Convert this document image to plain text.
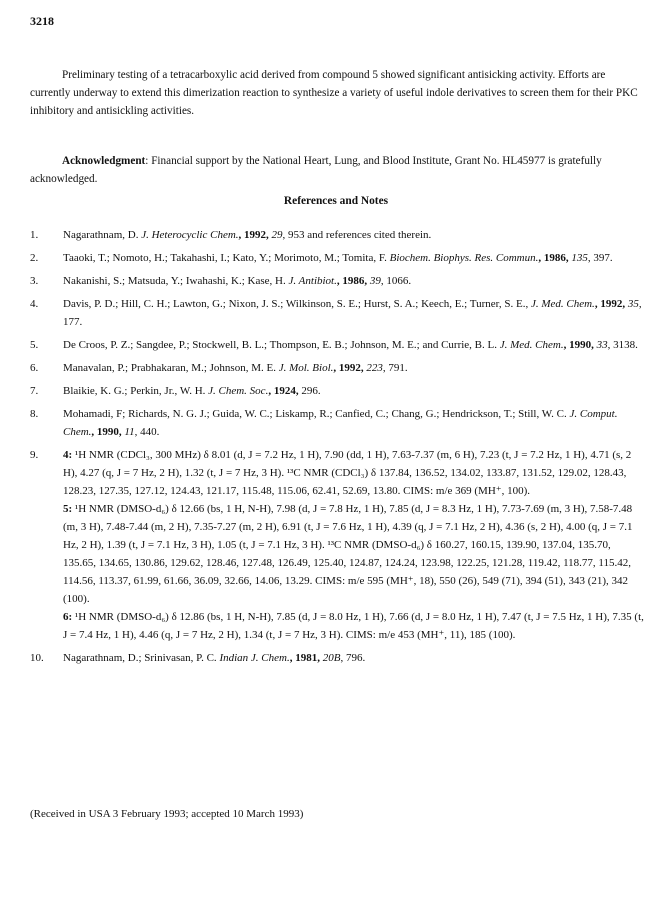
3218

Preliminary testing of a tetracarboxylic acid derived from compound 5 showed significant antisicking activity. Efforts are currently underway to extend this dimerization reaction to synthesize a variety of useful indole derivatives to screen them for their PKC inhibitory and antisickling activities.

Acknowledgment: Financial support by the National Heart, Lung, and Blood Institute, Grant No. HL45977 is gratefully acknowledged.

References and Notes
1. Nagarathnam, D. J. Heterocyclic Chem., 1992, 29, 953 and references cited therein.
2. Taaoki, T.; Nomoto, H.; Takahashi, I.; Kato, Y.; Morimoto, M.; Tomita, F. Biochem. Biophys. Res. Commun., 1986, 135, 397.
3. Nakanishi, S.; Matsuda, Y.; Iwahashi, K.; Kase, H. J. Antibiot., 1986, 39, 1066.
4. Davis, P. D.; Hill, C. H.; Lawton, G.; Nixon, J. S.; Wilkinson, S. E.; Hurst, S. A.; Keech, E.; Turner, S. E., J. Med. Chem., 1992, 35, 177.
5. De Croos, P. Z.; Sangdee, P.; Stockwell, B. L.; Thompson, E. B.; Johnson, M. E.; and Currie, B. L. J. Med. Chem., 1990, 33, 3138.
6. Manavalan, P.; Prabhakaran, M.; Johnson, M. E. J. Mol. Biol., 1992, 223, 791.
7. Blaikie, K. G.; Perkin, Jr., W. H. J. Chem. Soc., 1924, 296.
8. Mohamadi, F; Richards, N. G. J.; Guida, W. C.; Liskamp, R.; Canfied, C.; Chang, G.; Hendrickson, T.; Still, W. C. J. Comput. Chem., 1990, 11, 440.
9. 4: ¹H NMR (CDCl₃, 300 MHz) δ 8.01 (d, J = 7.2 Hz, 1 H), 7.90 (dd, 1 H), 7.63-7.37 (m, 6 H), 7.23 (t, J = 7.2 Hz, 1 H), 4.71 (s, 2 H), 4.27 (q, J = 7 Hz, 2 H), 1.32 (t, J = 7 Hz, 3 H). ¹³C NMR (CDCl₃) δ 137.84, 136.52, 134.02, 133.87, 131.52, 129.02, 128.43, 128.23, 127.35, 127.12, 124.43, 121.17, 115.48, 115.06, 62.41, 52.69, 13.80. CIMS: m/e 369 (MH⁺, 100).

5: ¹H NMR (DMSO-d₆) δ 12.66 (bs, 1 H, N-H), 7.98 (d, J = 7.8 Hz, 1 H), 7.85 (d, J = 8.3 Hz, 1 H), 7.73-7.69 (m, 3 H), 7.58-7.48 (m, 3 H), 7.48-7.44 (m, 2 H), 7.35-7.27 (m, 2 H), 6.91 (t, J = 7.6 Hz, 1 H), 4.39 (q, J = 7.1 Hz, 2 H), 4.36 (s, 2 H), 4.00 (q, J = 7.1 Hz, 2 H), 1.39 (t, J = 7.1 Hz, 3 H), 1.05 (t, J = 7.1 Hz, 3 H). ¹³C NMR (DMSO-d₆) δ 160.27, 160.15, 139.90, 137.04, 135.70, 135.65, 134.65, 130.86, 129.62, 128.46, 127.48, 126.49, 125.40, 124.87, 124.24, 123.98, 122.25, 121.28, 119.42, 118.77, 115.42, 114.56, 113.37, 61.99, 61.66, 36.09, 32.66, 14.06, 13.29. CIMS: m/e 595 (MH⁺, 18), 550 (26), 549 (71), 394 (51), 343 (21), 342 (100).

6: ¹H NMR (DMSO-d₆) δ 12.86 (bs, 1 H, N-H), 7.85 (d, J = 8.0 Hz, 1 H), 7.66 (d, J = 8.0 Hz, 1 H), 7.47 (t, J = 7.5 Hz, 1 H), 7.35 (t, J = 7.4 Hz, 1 H), 4.46 (q, J = 7 Hz, 2 H), 1.34 (t, J = 7 Hz, 3 H). CIMS: m/e 453 (MH⁺, 11), 185 (100).

10. Nagarathnam, D.; Srinivasan, P. C. Indian J. Chem., 1981, 20B, 796.
(Received in USA 3 February 1993; accepted 10 March 1993)
